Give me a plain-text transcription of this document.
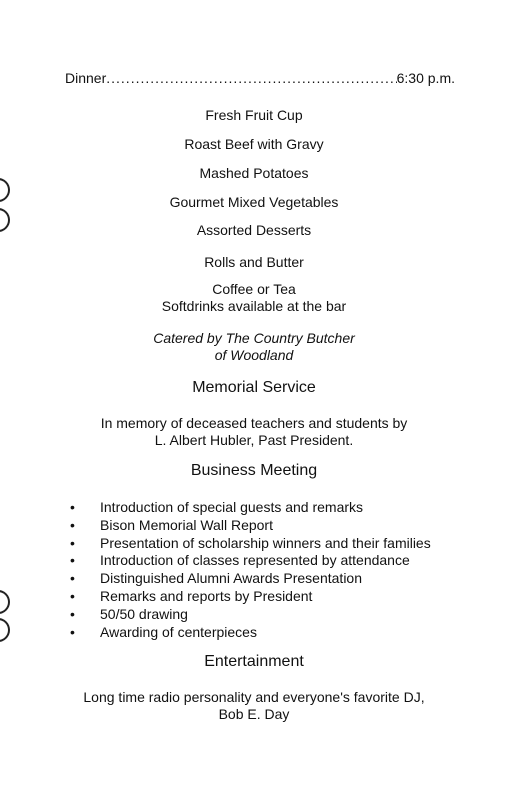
Dinner
.....	6:30 p.m.
Fresh Fruit Cup
Roast Beef with Gravy
Mashed Potatoes
Gourmet Mixed Vegetables
Assorted Desserts
Rolls and Butter
Coffee or Tea
Softdrinks available at the bar
Catered by The Country Butcher
of Woodland
Memorial Service
In memory of deceased teachers and students by
L. Albert Hubler, Past President.
Business Meeting
•	Introduction of special guests and remarks
•	Bison Memorial Wall Report
•	Presentation of scholarship winners and their families
•	Introduction of classes represented by attendance
•	Distinguished Alumni Awards Presentation
•	Remarks and reports by President
•	50/50 drawing
•	Awarding of centerpieces
Entertainment
Long time radio personality and everyone's favorite DJ,
Bob E. Day
